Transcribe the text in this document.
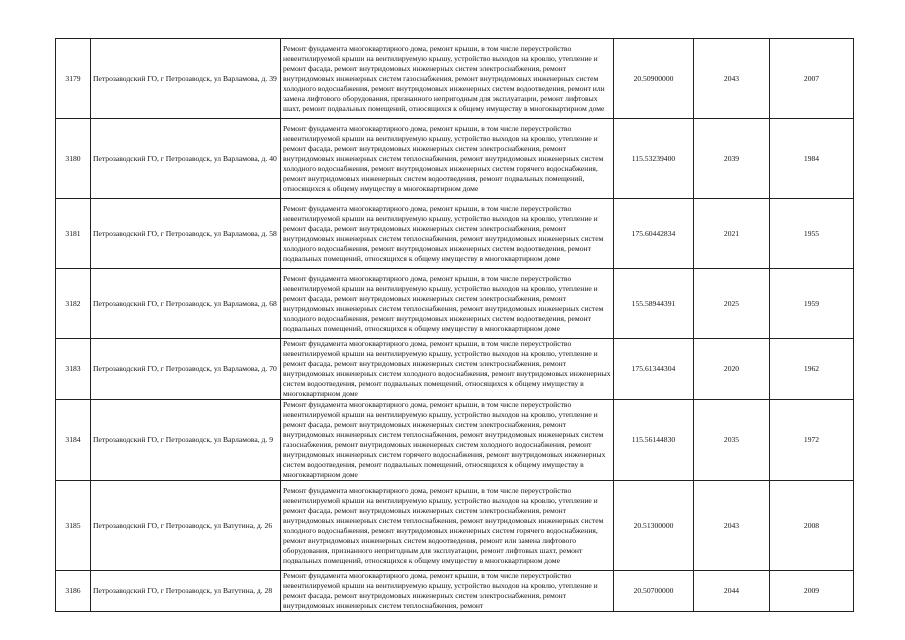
3179	Петрозаводский ГО, г Петрозаводск, ул Варламова, д. 39	Ремонт фундамента многоквартирного дома, ремонт крыши, в том числе переустройство невентилируемой крыши на вентилируемую крышу, устройство выходов на кровлю, утепление и ремонт фасада, ремонт внутридомовых инженерных систем электроснабжения, ремонт внутридомовых инженерных систем газоснабжения, ремонт внутридомовых инженерных систем холодного водоснабжения, ремонт внутридомовых инженерных систем водоотведения, ремонт или замена лифтового оборудования, признанного непригодным для эксплуатации, ремонт лифтовых шахт, ремонт подвальных помещений, относящихся к общему имуществу в многоквартирном доме	20.50900000	2043	2007
3180	Петрозаводский ГО, г Петрозаводск, ул Варламова, д. 40	Ремонт фундамента многоквартирного дома, ремонт крыши, в том числе переустройство невентилируемой крыши на вентилируемую крышу, устройство выходов на кровлю, утепление и ремонт фасада, ремонт внутридомовых инженерных систем электроснабжения, ремонт внутридомовых инженерных систем теплоснабжения, ремонт внутридомовых инженерных систем холодного водоснабжения, ремонт внутридомовых инженерных систем горячего водоснабжения, ремонт внутридомовых инженерных систем водоотведения, ремонт подвальных помещений, относящихся к общему имуществу в многоквартирном доме	115.53239400	2039	1984
3181	Петрозаводский ГО, г Петрозаводск, ул Варламова, д. 58	Ремонт фундамента многоквартирного дома, ремонт крыши, в том числе переустройство невентилируемой крыши на вентилируемую крышу, устройство выходов на кровлю, утепление и ремонт фасада, ремонт внутридомовых инженерных систем электроснабжения, ремонт внутридомовых инженерных систем теплоснабжения, ремонт внутридомовых инженерных систем холодного водоснабжения, ремонт внутридомовых инженерных систем водоотведения, ремонт подвальных помещений, относящихся к общему имуществу в многоквартирном доме	175.60442834	2021	1955
3182	Петрозаводский ГО, г Петрозаводск, ул Варламова, д. 68	Ремонт фундамента многоквартирного дома, ремонт крыши, в том числе переустройство невентилируемой крыши на вентилируемую крышу, устройство выходов на кровлю, утепление и ремонт фасада, ремонт внутридомовых инженерных систем электроснабжения, ремонт внутридомовых инженерных систем теплоснабжения, ремонт внутридомовых инженерных систем холодного водоснабжения, ремонт внутридомовых инженерных систем водоотведения, ремонт подвальных помещений, относящихся к общему имуществу в многоквартирном доме	155.58944391	2025	1959
3183	Петрозаводский ГО, г Петрозаводск, ул Варламова, д. 70	Ремонт фундамента многоквартирного дома, ремонт крыши, в том числе переустройство невентилируемой крыши на вентилируемую крышу, устройство выходов на кровлю, утепление и ремонт фасада, ремонт внутридомовых инженерных систем электроснабжения, ремонт внутридомовых инженерных систем холодного водоснабжения, ремонт внутридомовых инженерных систем водоотведения, ремонт подвальных помещений, относящихся к общему имуществу в многоквартирном доме	175.61344304	2020	1962
3184	Петрозаводский ГО, г Петрозаводск, ул Варламова, д. 9	Ремонт фундамента многоквартирного дома, ремонт крыши, в том числе переустройство невентилируемой крыши на вентилируемую крышу, устройство выходов на кровлю, утепление и ремонт фасада, ремонт внутридомовых инженерных систем электроснабжения, ремонт внутридомовых инженерных систем теплоснабжения, ремонт внутридомовых инженерных систем газоснабжения, ремонт внутридомовых инженерных систем холодного водоснабжения, ремонт внутридомовых инженерных систем горячего водоснабжения, ремонт внутридомовых инженерных систем водоотведения, ремонт подвальных помещений, относящихся к общему имуществу в многоквартирном доме	115.56144830	2035	1972
3185	Петрозаводский ГО, г Петрозаводск, ул Ватутина, д. 26	Ремонт фундамента многоквартирного дома, ремонт крыши, в том числе переустройство невентилируемой крыши на вентилируемую крышу, устройство выходов на кровлю, утепление и ремонт фасада, ремонт внутридомовых инженерных систем электроснабжения, ремонт внутридомовых инженерных систем теплоснабжения, ремонт внутридомовых инженерных систем холодного водоснабжения, ремонт внутридомовых инженерных систем горячего водоснабжения, ремонт внутридомовых инженерных систем водоотведения, ремонт или замена лифтового оборудования, признанного непригодным для эксплуатации, ремонт лифтовых шахт, ремонт подвальных помещений, относящихся к общему имуществу в многоквартирном доме	20.51300000	2043	2008
3186	Петрозаводский ГО, г Петрозаводск, ул Ватутина, д. 28	Ремонт фундамента многоквартирного дома, ремонт крыши, в том числе переустройство невентилируемой крыши на вентилируемую крышу, устройство выходов на кровлю, утепление и ремонт фасада, ремонт внутридомовых инженерных систем электроснабжения, ремонт внутридомовых инженерных систем теплоснабжения, ремонт	20.50700000	2044	2009
